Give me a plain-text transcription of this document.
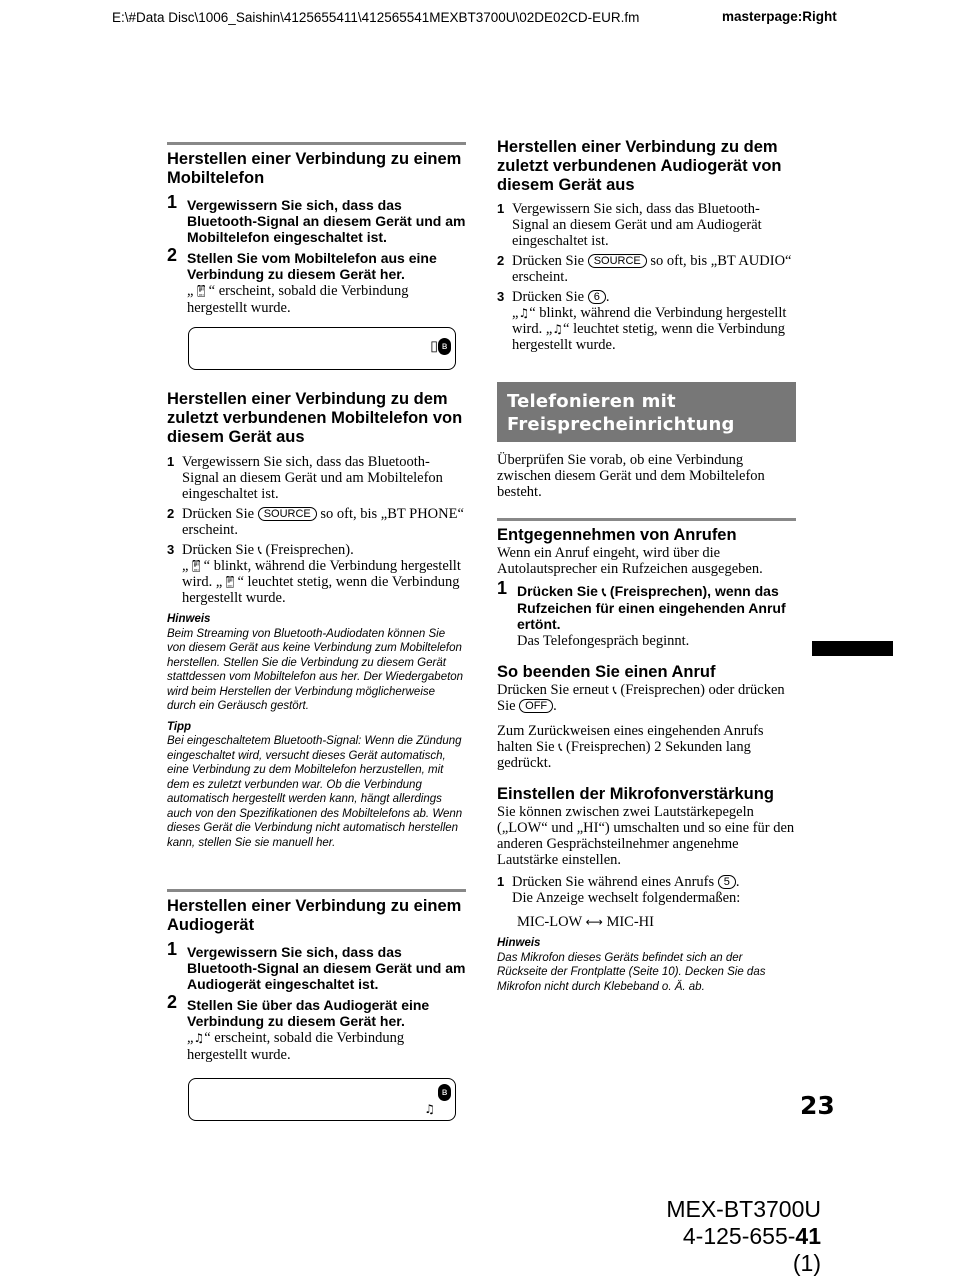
E:\#Data Disc\1006_Saishin\4125655411\412565541MEXBT3700U\02DE02CD-EUR.fm	masterpage:Right
Herstellen einer Verbindung zu einem Mobiltelefon
1 Vergewissern Sie sich, dass das Bluetooth-Signal an diesem Gerät und am Mobiltelefon eingeschaltet ist.
2 Stellen Sie vom Mobiltelefon aus eine Verbindung zu diesem Gerät her.
„📱︎“ erscheint, sobald die Verbindung hergestellt wurde.
▯ ʙ
Herstellen einer Verbindung zu dem zuletzt verbundenen Mobiltelefon von diesem Gerät aus
1 Vergewissern Sie sich, dass das Bluetooth-Signal an diesem Gerät und am Mobiltelefon eingeschaltet ist.
2 Drücken Sie SOURCE so oft, bis „BT PHONE“ erscheint.
3 Drücken Sie 📞︎ (Freisprechen).
„📱︎“ blinkt, während die Verbindung hergestellt wird. „📱︎“ leuchtet stetig, wenn die Verbindung hergestellt wurde.
Hinweis
Beim Streaming von Bluetooth-Audiodaten können Sie von diesem Gerät aus keine Verbindung zum Mobiltelefon herstellen. Stellen Sie die Verbindung zu diesem Gerät stattdessen vom Mobiltelefon aus her. Der Wiedergabeton wird beim Herstellen der Verbindung möglicherweise durch ein Geräusch gestört.
Tipp
Bei eingeschaltetem Bluetooth-Signal: Wenn die Zündung eingeschaltet wird, versucht dieses Gerät automatisch, eine Verbindung zu dem Mobiltelefon herzustellen, mit dem es zuletzt verbunden war. Ob die Verbindung automatisch hergestellt werden kann, hängt allerdings auch von den Spezifikationen des Mobiltelefons ab. Wenn dieses Gerät die Verbindung nicht automatisch herstellen kann, stellen Sie sie manuell her.
Herstellen einer Verbindung zu einem Audiogerät
1 Vergewissern Sie sich, dass das Bluetooth-Signal an diesem Gerät und am Audiogerät eingeschaltet ist.
2 Stellen Sie über das Audiogerät eine Verbindung zu diesem Gerät her.
„♫“ erscheint, sobald die Verbindung hergestellt wurde.
ʙ
♫
Herstellen einer Verbindung zu dem zuletzt verbundenen Audiogerät von diesem Gerät aus
1 Vergewissern Sie sich, dass das Bluetooth-Signal an diesem Gerät und am Audiogerät eingeschaltet ist.
2 Drücken Sie SOURCE so oft, bis „BT AUDIO“ erscheint.
3 Drücken Sie 6 .
„♫“ blinkt, während die Verbindung hergestellt wird. „♫“ leuchtet stetig, wenn die Verbindung hergestellt wurde.
Telefonieren mit Freisprecheinrichtung
Überprüfen Sie vorab, ob eine Verbindung zwischen diesem Gerät und dem Mobiltelefon besteht.
Entgegennehmen von Anrufen
Wenn ein Anruf eingeht, wird über die Autolautsprecher ein Rufzeichen ausgegeben.
1 Drücken Sie 📞︎ (Freisprechen), wenn das Rufzeichen für einen eingehenden Anruf ertönt.
Das Telefongespräch beginnt.
So beenden Sie einen Anruf
Drücken Sie erneut 📞︎ (Freisprechen) oder drücken Sie OFF .
Zum Zurückweisen eines eingehenden Anrufs halten Sie 📞︎ (Freisprechen) 2 Sekunden lang gedrückt.
Einstellen der Mikrofonverstärkung
Sie können zwischen zwei Lautstärkepegeln („LOW“ und „HI“) umschalten und so eine für den anderen Gesprächsteilnehmer angenehme Lautstärke einstellen.
1 Drücken Sie während eines Anrufs 5 .
Die Anzeige wechselt folgendermaßen:
MIC-LOW ⟷ MIC-HI
Hinweis
Das Mikrofon dieses Geräts befindet sich an der Rückseite der Frontplatte (Seite 10). Decken Sie das Mikrofon nicht durch Klebeband o. Ä. ab.
23
MEX-BT3700U
4-125-655-41 (1)
